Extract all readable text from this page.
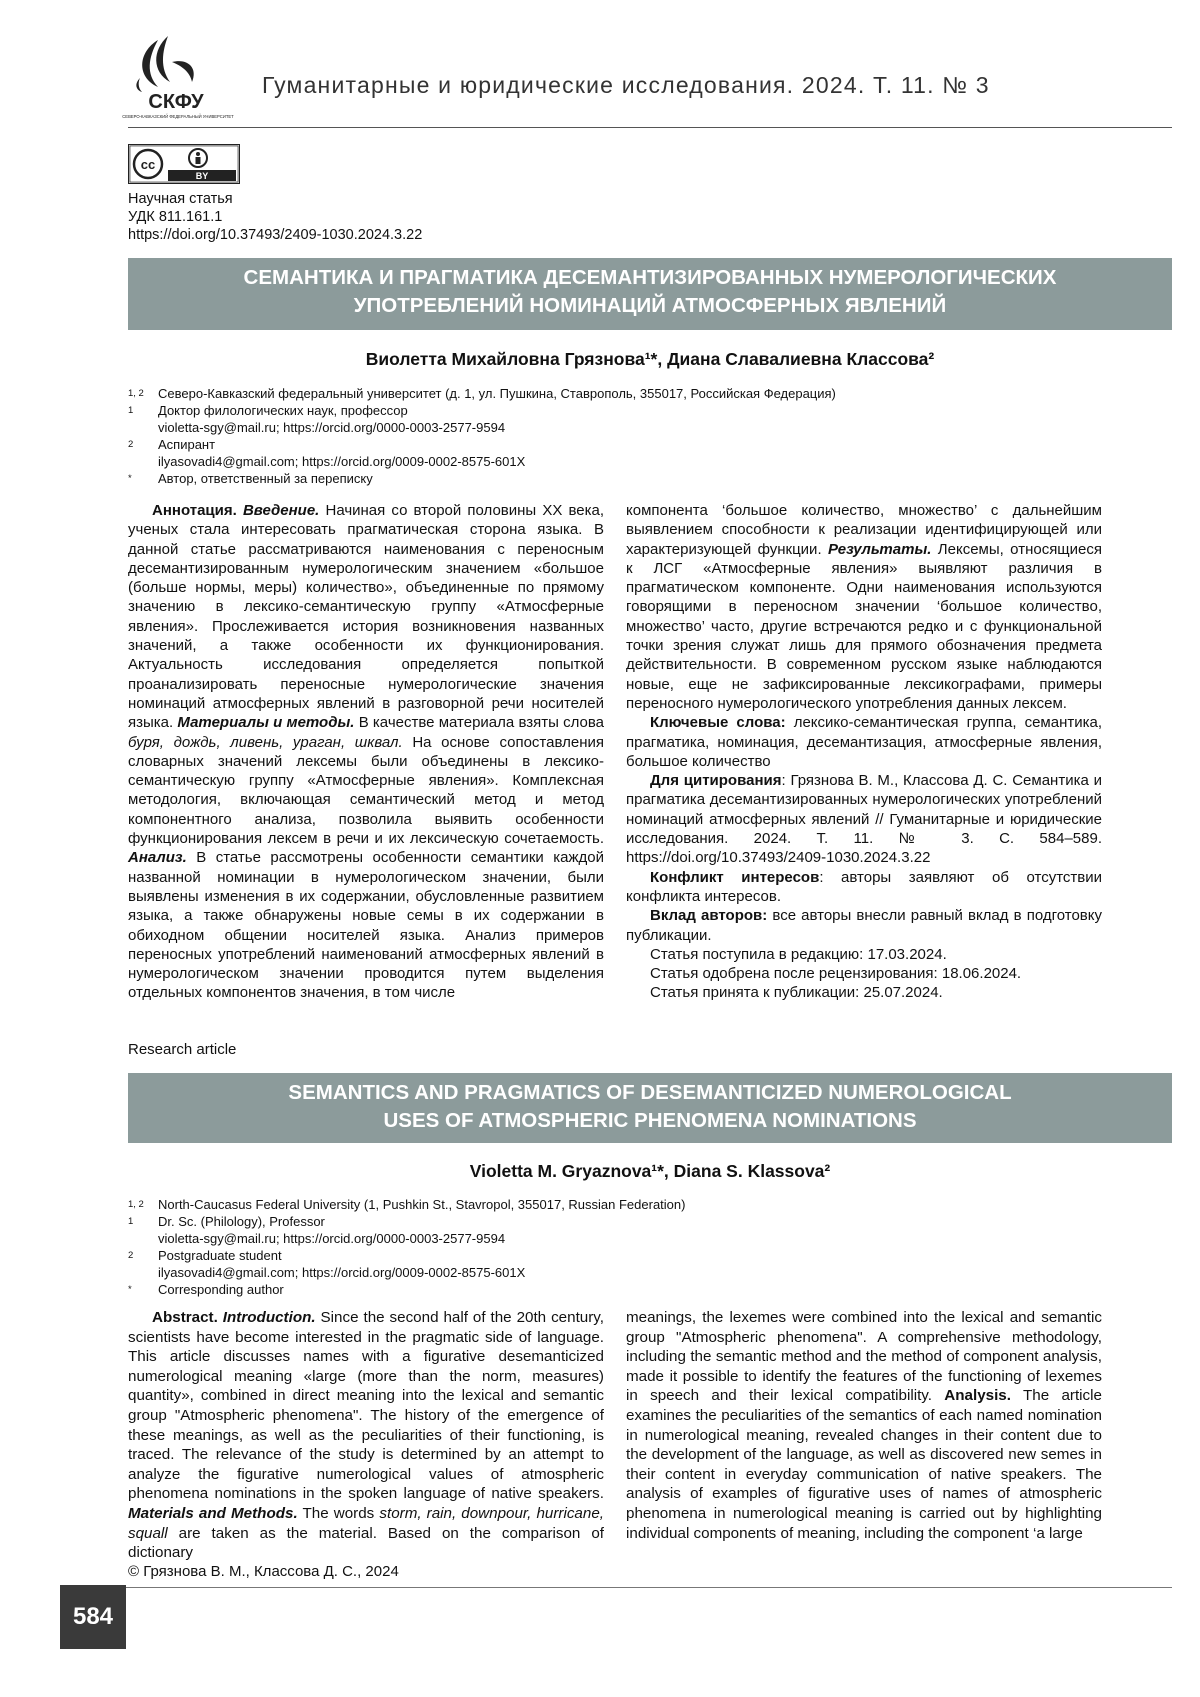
СКФУ
СЕВЕРО-КАВКАЗСКИЙ ФЕДЕРАЛЬНЫЙ УНИВЕРСИТЕТ
Гуманитарные и юридические исследования. 2024. Т. 11. № 3
cc
BY
Научная статья
УДК 811.161.1
https://doi.org/10.37493/2409-1030.2024.3.22
СЕМАНТИКА И ПРАГМАТИКА ДЕСЕМАНТИЗИРОВАННЫХ НУМЕРОЛОГИЧЕСКИХ
УПОТРЕБЛЕНИЙ НОМИНАЦИЙ АТМОСФЕРНЫХ ЯВЛЕНИЙ
Виолетта Михайловна Грязнова¹*, Диана Славалиевна Классова²
1, 2	Северо-Кавказский федеральный университет (д. 1, ул. Пушкина, Ставрополь, 355017, Российская Федерация)
1	Доктор филологических наук, профессор
violetta-sgy@mail.ru; https://orcid.org/0000-0003-2577-9594
2	Аспирант
ilyasovadi4@gmail.com; https://orcid.org/0009-0002-8575-601X
*	Автор, ответственный за переписку

Аннотация. Введение. Начиная со второй половины XX века, ученых стала интересовать прагматическая сторона языка. В данной статье рассматриваются наименования с переносным десемантизированным нумерологическим значением «большое (больше нормы, меры) количество», объединенные по прямому значению в лексико-семантическую группу «Атмосферные явления». Прослеживается история возникновения названных значений, а также особенности их функционирования. Актуальность исследования определяется попыткой проанализировать переносные нумерологические значения номинаций атмосферных явлений в разговорной речи носителей языка. Материалы и методы. В качестве материала взяты слова буря, дождь, ливень, ураган, шквал. На основе сопоставления словарных значений лексемы были объединены в лексико-семантическую группу «Атмосферные явления». Комплексная методология, включающая семантический метод и метод компонентного анализа, позволила выявить особенности функционирования лексем в речи и их лексическую сочетаемость. Анализ. В статье рассмотрены особенности семантики каждой названной номинации в нумерологическом значении, были выявлены изменения в их содержании, обусловленные развитием языка, а также обнаружены новые семы в их содержании в обиходном общении носителей языка. Анализ примеров переносных употреблений наименований атмосферных явлений в нумерологическом значении проводится путем выделения отдельных компонентов значения, в том числе

компонента ‘большое количество, множество’ с дальнейшим выявлением способности к реализации идентифицирующей или характеризующей функции. Результаты. Лексемы, относящиеся к ЛСГ «Атмосферные явления» выявляют различия в прагматическом компоненте. Одни наименования используются говорящими в переносном значении ‘большое количество, множество’ часто, другие встречаются редко и с функциональной точки зрения служат лишь для прямого обозначения предмета действительности. В современном русском языке наблюдаются новые, еще не зафиксированные лексикографами, примеры переносного нумерологического употребления данных лексем.

Ключевые слова: лексико-семантическая группа, семантика, прагматика, номинация, десемантизация, атмосферные явления, большое количество

Для цитирования: Грязнова В. М., Классова Д. С. Семантика и прагматика десемантизированных нумерологических употреблений номинаций атмосферных явлений // Гуманитарные и юридические исследования. 2024. Т. 11. № 3. С. 584–589. https://doi.org/10.37493/2409-1030.2024.3.22

Конфликт интересов: авторы заявляют об отсутствии конфликта интересов.

Вклад авторов: все авторы внесли равный вклад в подготовку публикации.

Статья поступила в редакцию: 17.03.2024.
Статья одобрена после рецензирования: 18.06.2024.
Статья принята к публикации: 25.07.2024.
Research article
SEMANTICS AND PRAGMATICS OF DESEMANTICIZED NUMEROLOGICAL
USES OF ATMOSPHERIC PHENOMENA NOMINATIONS
Violetta M. Gryaznova¹*, Diana S. Klassova²
1, 2	North-Caucasus Federal University (1, Pushkin St., Stavropol, 355017, Russian Federation)
1	Dr. Sc. (Philology), Professor
violetta-sgy@mail.ru; https://orcid.org/0000-0003-2577-9594
2	Postgraduate student
ilyasovadi4@gmail.com; https://orcid.org/0009-0002-8575-601X
*	Corresponding author

Abstract. Introduction. Since the second half of the 20th century, scientists have become interested in the pragmatic side of language. This article discusses names with a figurative desemanticized numerological meaning «large (more than the norm, measures) quantity», combined in direct meaning into the lexical and semantic group "Atmospheric phenomena". The history of the emergence of these meanings, as well as the peculiarities of their functioning, is traced. The relevance of the study is determined by an attempt to analyze the figurative numerological values of atmospheric phenomena nominations in the spoken language of native speakers. Materials and Methods. The words storm, rain, downpour, hurricane, squall are taken as the material. Based on the comparison of dictionary

meanings, the lexemes were combined into the lexical and semantic group "Atmospheric phenomena". A comprehensive methodology, including the semantic method and the method of component analysis, made it possible to identify the features of the functioning of lexemes in speech and their lexical compatibility. Analysis. The article examines the peculiarities of the semantics of each named nomination in numerological meaning, revealed changes in their content due to the development of the language, as well as discovered new semes in their content in everyday communication of native speakers. The analysis of examples of figurative uses of names of atmospheric phenomena in numerological meaning is carried out by highlighting individual components of meaning, including the component ‘a large

© Грязнова В. М., Классова Д. С., 2024
584
